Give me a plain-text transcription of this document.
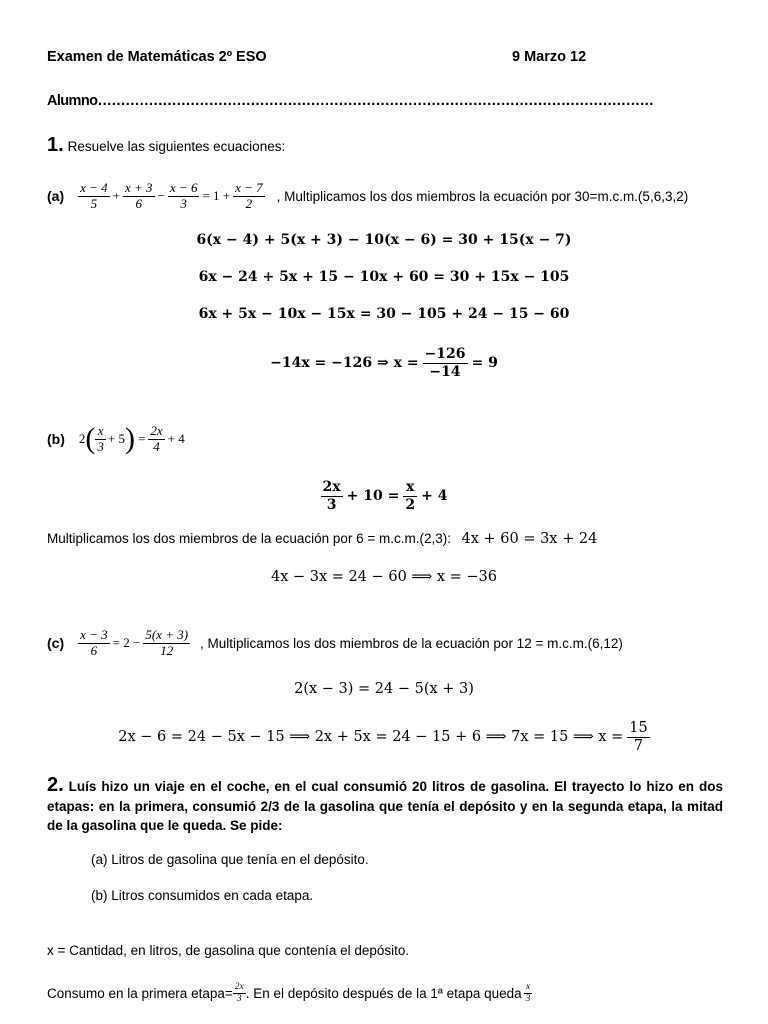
Examen de Matemáticas 2º ESO	9 Marzo 12
Alumno…………………………………………………………………………………………………………
1. Resuelve las siguientes ecuaciones:
$(a) \frac{x - 4}{5} + \frac{x + 3}{6} - \frac{x - 6}{3} = 1 + \frac{x - 7}{2}$ , Multiplicamos los dos miembros la ecuación por 30=m.c.m.(5,6,3,2)
6(x − 4) + 5(x + 3) − 10(x − 6) = 30 + 15(x − 7)
6x − 24 + 5x + 15 − 10x + 60 = 30 + 15x − 105
6x + 5x − 10x − 15x = 30 − 105 + 24 − 15 − 60
−14x = −126 ⇒ $x = \frac{-126}{-14} = 9$
(b) 2 ( $\frac{x}{3} + 5$ ) = $\frac{2x}{4} + 4$
$\frac{2x}{3} + 10 = \frac{x}{2} + 4$
Multiplicamos los dos miembros de la ecuación por 6 = m.c.m.(2,3): 4x + 60 = 3x + 24
4x − 3x = 24 − 60 ⟹ x = −36
$(c) \frac{x - 3}{6} = 2 - \frac{5(x + 3)}{12}$ , Multiplicamos los dos miembros de la ecuación por 12 = m.c.m.(6,12)
2(x − 3) = 24 − 5(x + 3)
2x − 6 = 24 − 5x − 15 ⟹ 2x + 5x = 24 − 15 + 6 ⟹ 7x = 15 ⟹ $x = \frac{15}{7}$
2. Luís hizo un viaje en el coche, en el cual consumió 20 litros de gasolina. El trayecto lo hizo en dos etapas: en la primera, consumió 2/3 de la gasolina que tenía el depósito y en la segunda etapa, la mitad de la gasolina que le queda. Se pide:
(a) Litros de gasolina que tenía en el depósito.
(b) Litros consumidos en cada etapa.
x = Cantidad, en litros, de gasolina que contenía el depósito.
Consumo en la primera etapa= $\frac{2x}{3}$ . En el depósito después de la 1ª etapa queda $\frac{x}{3}$
